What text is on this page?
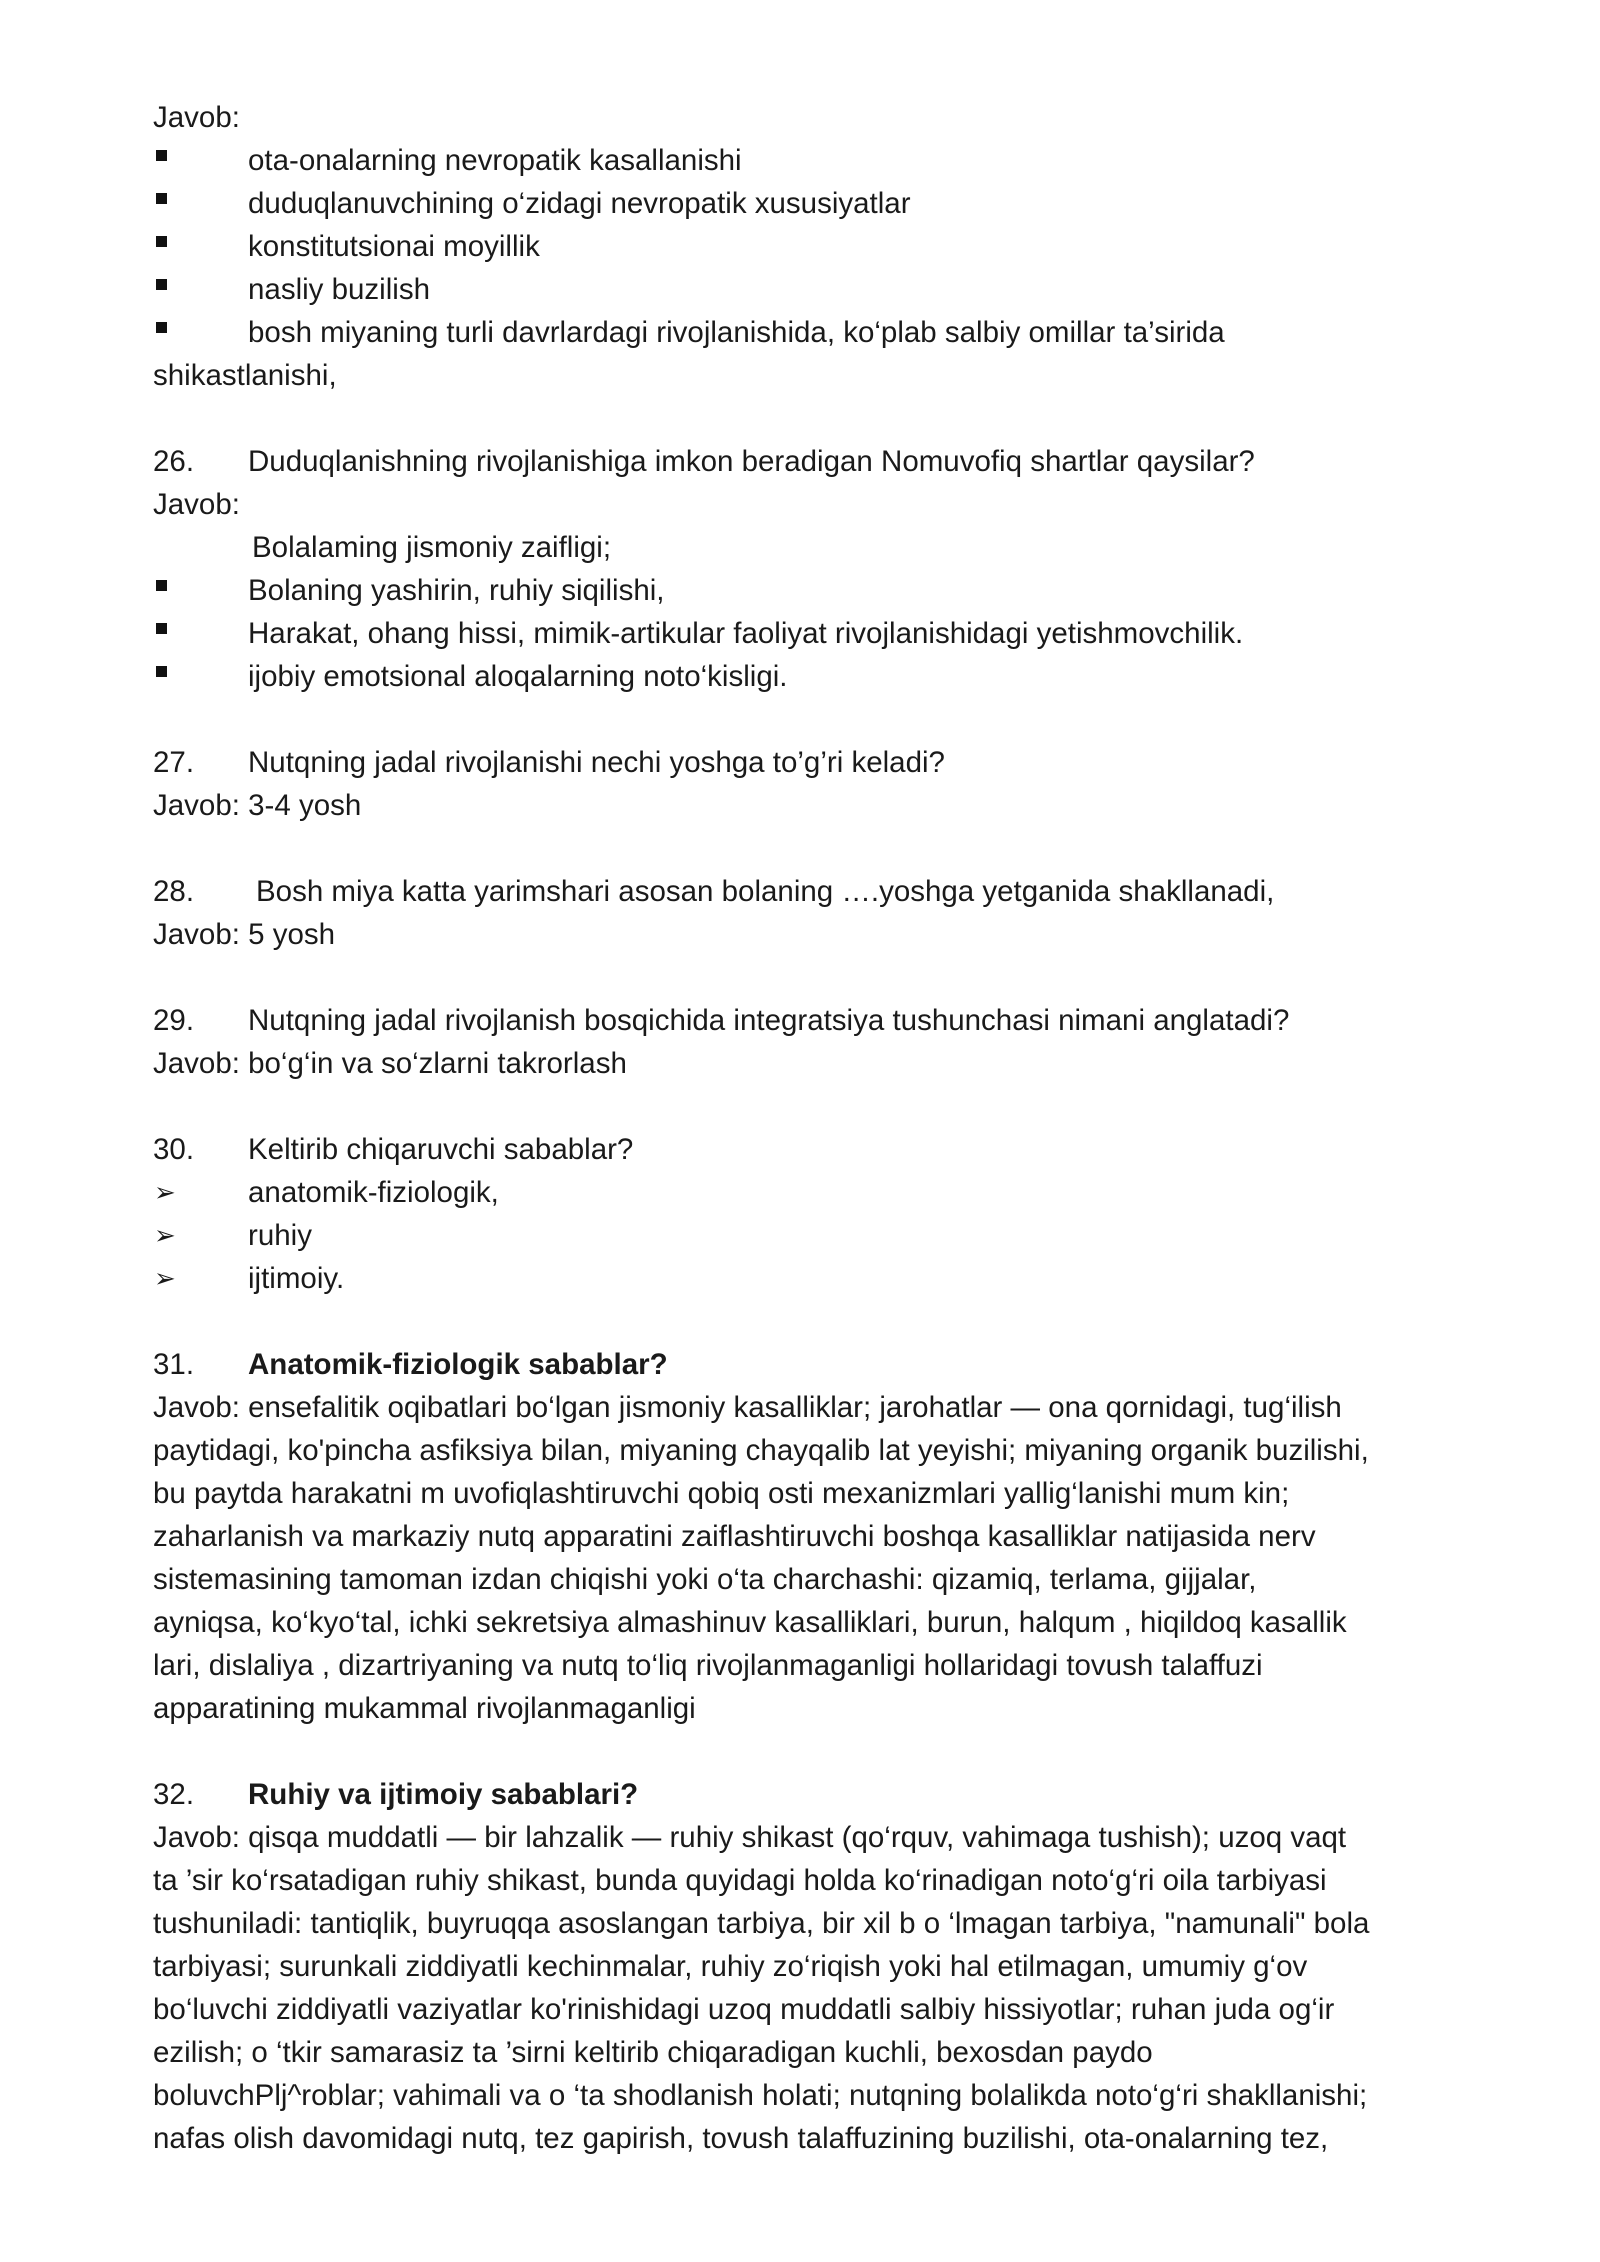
Javob:
ota-onalarning nevropatik kasallanishi
duduqlanuvchining o‘zidagi nevropatik xususiyatlar
konstitutsionai moyillik
nasliy buzilish
bosh miyaning turli davrlardagi rivojlanishida, ko‘plab salbiy omillar ta’sirida
shikastlanishi,
26. Duduqlanishning rivojlanishiga imkon beradigan Nomuvofiq shartlar qaysilar?
Javob:
Bolalaming jismoniy zaifligi;
Bolaning yashirin, ruhiy siqilishi,
Harakat, ohang hissi, mimik-artikular faoliyat rivojlanishidagi yetishmovchilik.
ijobiy emotsional aloqalarning noto‘kisligi.
27. Nutqning jadal rivojlanishi nechi yoshga to’g’ri keladi?
Javob: 3-4 yosh
28. Bosh miya katta yarimshari asosan bolaning ….yoshga yetganida shakllanadi,
Javob: 5 yosh
29. Nutqning jadal rivojlanish bosqichida integratsiya tushunchasi nimani anglatadi?
Javob: bo‘g‘in va so‘zlarni takrorlash
30. Keltirib chiqaruvchi sabablar?
➢ anatomik-fiziologik,
➢ ruhiy
➢ ijtimoiy.
31. Anatomik-fiziologik sabablar?
Javob: ensefalitik oqibatlari bo‘lgan jismoniy kasalliklar; jarohatlar — ona qornidagi, tug‘ilish
paytidagi, ko'pincha asfiksiya bilan, miyaning chayqalib lat yeyishi; miyaning organik buzilishi,
bu paytda harakatni m uvofiqlashtiruvchi qobiq osti mexanizmlari yallig‘lanishi mum kin;
zaharlanish va markaziy nutq apparatini zaiflashtiruvchi boshqa kasalliklar natijasida nerv
sistemasining tamoman izdan chiqishi yoki o‘ta charchashi: qizamiq, terlama, gijjalar,
ayniqsa, ko‘kyo‘tal, ichki sekretsiya almashinuv kasalliklari, burun, halqum , hiqildoq kasallik
lari, dislaliya , dizartriyaning va nutq to‘liq rivojlanmaganligi hollaridagi tovush talaffuzi
apparatining mukammal rivojlanmaganligi
32. Ruhiy va ijtimoiy sabablari?
Javob: qisqa muddatli — bir lahzalik — ruhiy shikast (qo‘rquv, vahimaga tushish); uzoq vaqt
ta ’sir ko‘rsatadigan ruhiy shikast, bunda quyidagi holda ko‘rinadigan noto‘g‘ri oila tarbiyasi
tushuniladi: tantiqlik, buyruqqa asoslangan tarbiya, bir xil b o ‘lmagan tarbiya, "namunali" bola
tarbiyasi; surunkali ziddiyatli kechinmalar, ruhiy zo‘riqish yoki hal etilmagan, umumiy g‘ov
bo‘luvchi ziddiyatli vaziyatlar ko'rinishidagi uzoq muddatli salbiy hissiyotlar; ruhan juda og‘ir
ezilish; o ‘tkir samarasiz ta ’sirni keltirib chiqaradigan kuchli, bexosdan paydo
boluvchPlj^roblar; vahimali va o ‘ta shodlanish holati; nutqning bolalikda noto‘g‘ri shakllanishi;
nafas olish davomidagi nutq, tez gapirish, tovush talaffuzining buzilishi, ota-onalarning tez,
